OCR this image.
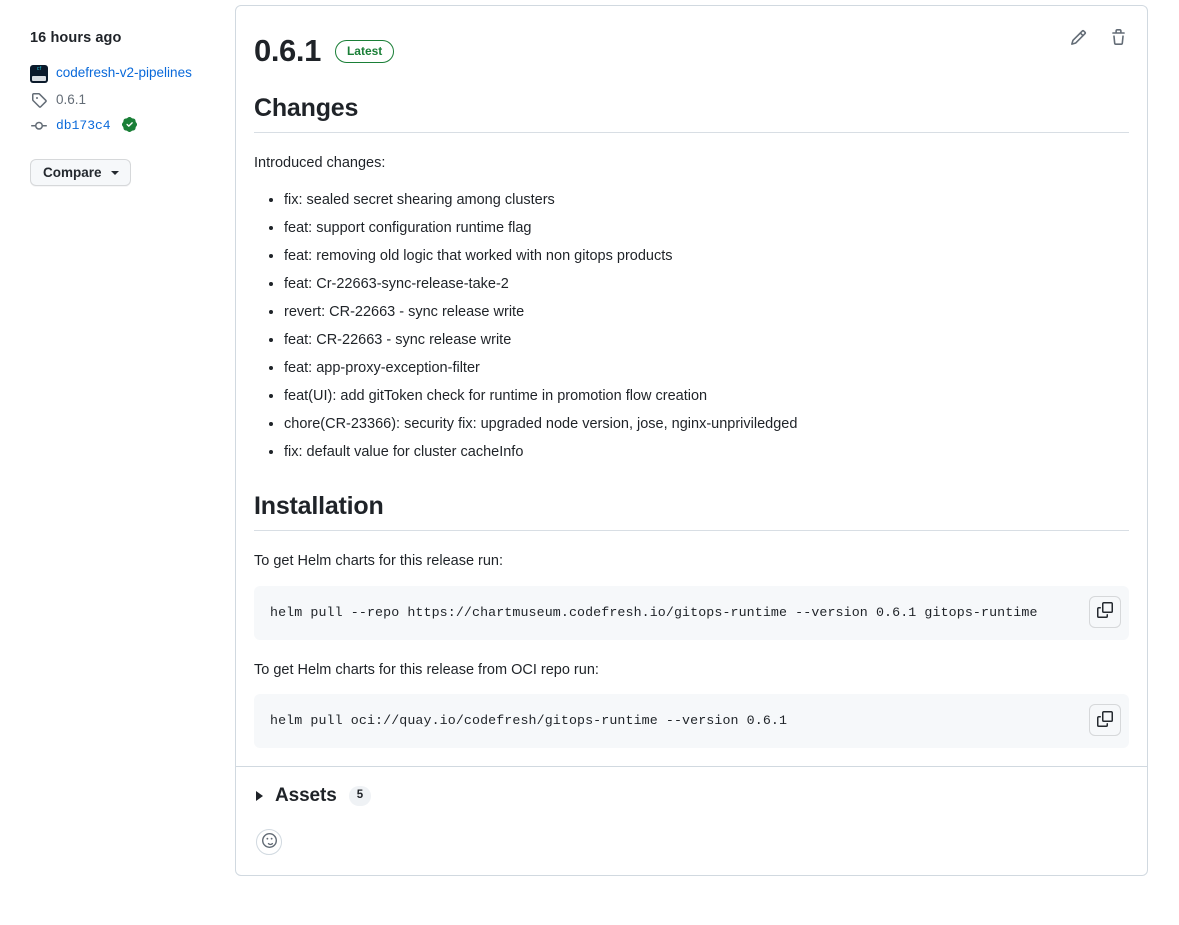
16 hours ago
cf	codefresh-v2-pipelines
0.6.1
db173c4
Compare
0.6.1	Latest
Changes

Introduced changes:

• fix: sealed secret shearing among clusters
• feat: support configuration runtime flag
• feat: removing old logic that worked with non gitops products
• feat: Cr-22663-sync-release-take-2
• revert: CR-22663 - sync release write
• feat: CR-22663 - sync release write
• feat: app-proxy-exception-filter
• feat(UI): add gitToken check for runtime in promotion flow creation
• chore(CR-23366): security fix: upgraded node version, jose, nginx-unpriviledged
• fix: default value for cluster cacheInfo
Installation

To get Helm charts for this release run:

helm pull --repo https://chartmuseum.codefresh.io/gitops-runtime --version 0.6.1 gitops-runtime

To get Helm charts for this release from OCI repo run:

helm pull oci://quay.io/codefresh/gitops-runtime --version 0.6.1
Assets	5
